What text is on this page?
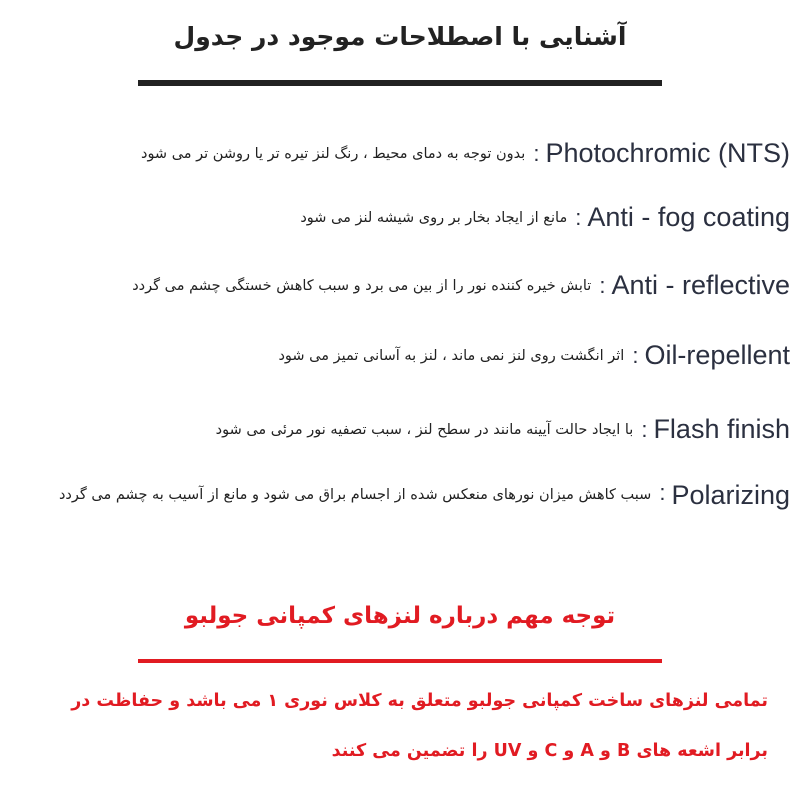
آشنایی با اصطلاحات موجود در جدول
Photochromic (NTS)
:
بدون توجه به دمای محیط ، رنگ لنز تیره تر یا روشن تر می شود
Anti - fog coating
:
مانع از ایجاد بخار بر روی شیشه لنز می شود
Anti - reflective
:
تابش خیره کننده نور را از بین می برد و سبب کاهش خستگی چشم می گردد
Oil-repellent
:
اثر انگشت روی لنز نمی ماند ، لنز به آسانی تمیز می شود
Flash finish
:
با ایجاد حالت آیینه مانند در سطح لنز ، سبب تصفیه نور مرئی می شود
Polarizing
:
سبب کاهش میزان نورهای منعکس شده از اجسام براق می شود و مانع از آسیب به چشم می گردد
توجه مهم درباره لنزهای کمپانی جولبو
تمامی لنزهای ساخت کمپانی جولبو متعلق به کلاس نوری ۱ می باشد و حفاظت در برابر اشعه های B و A و C و UV را تضمین می کنند
